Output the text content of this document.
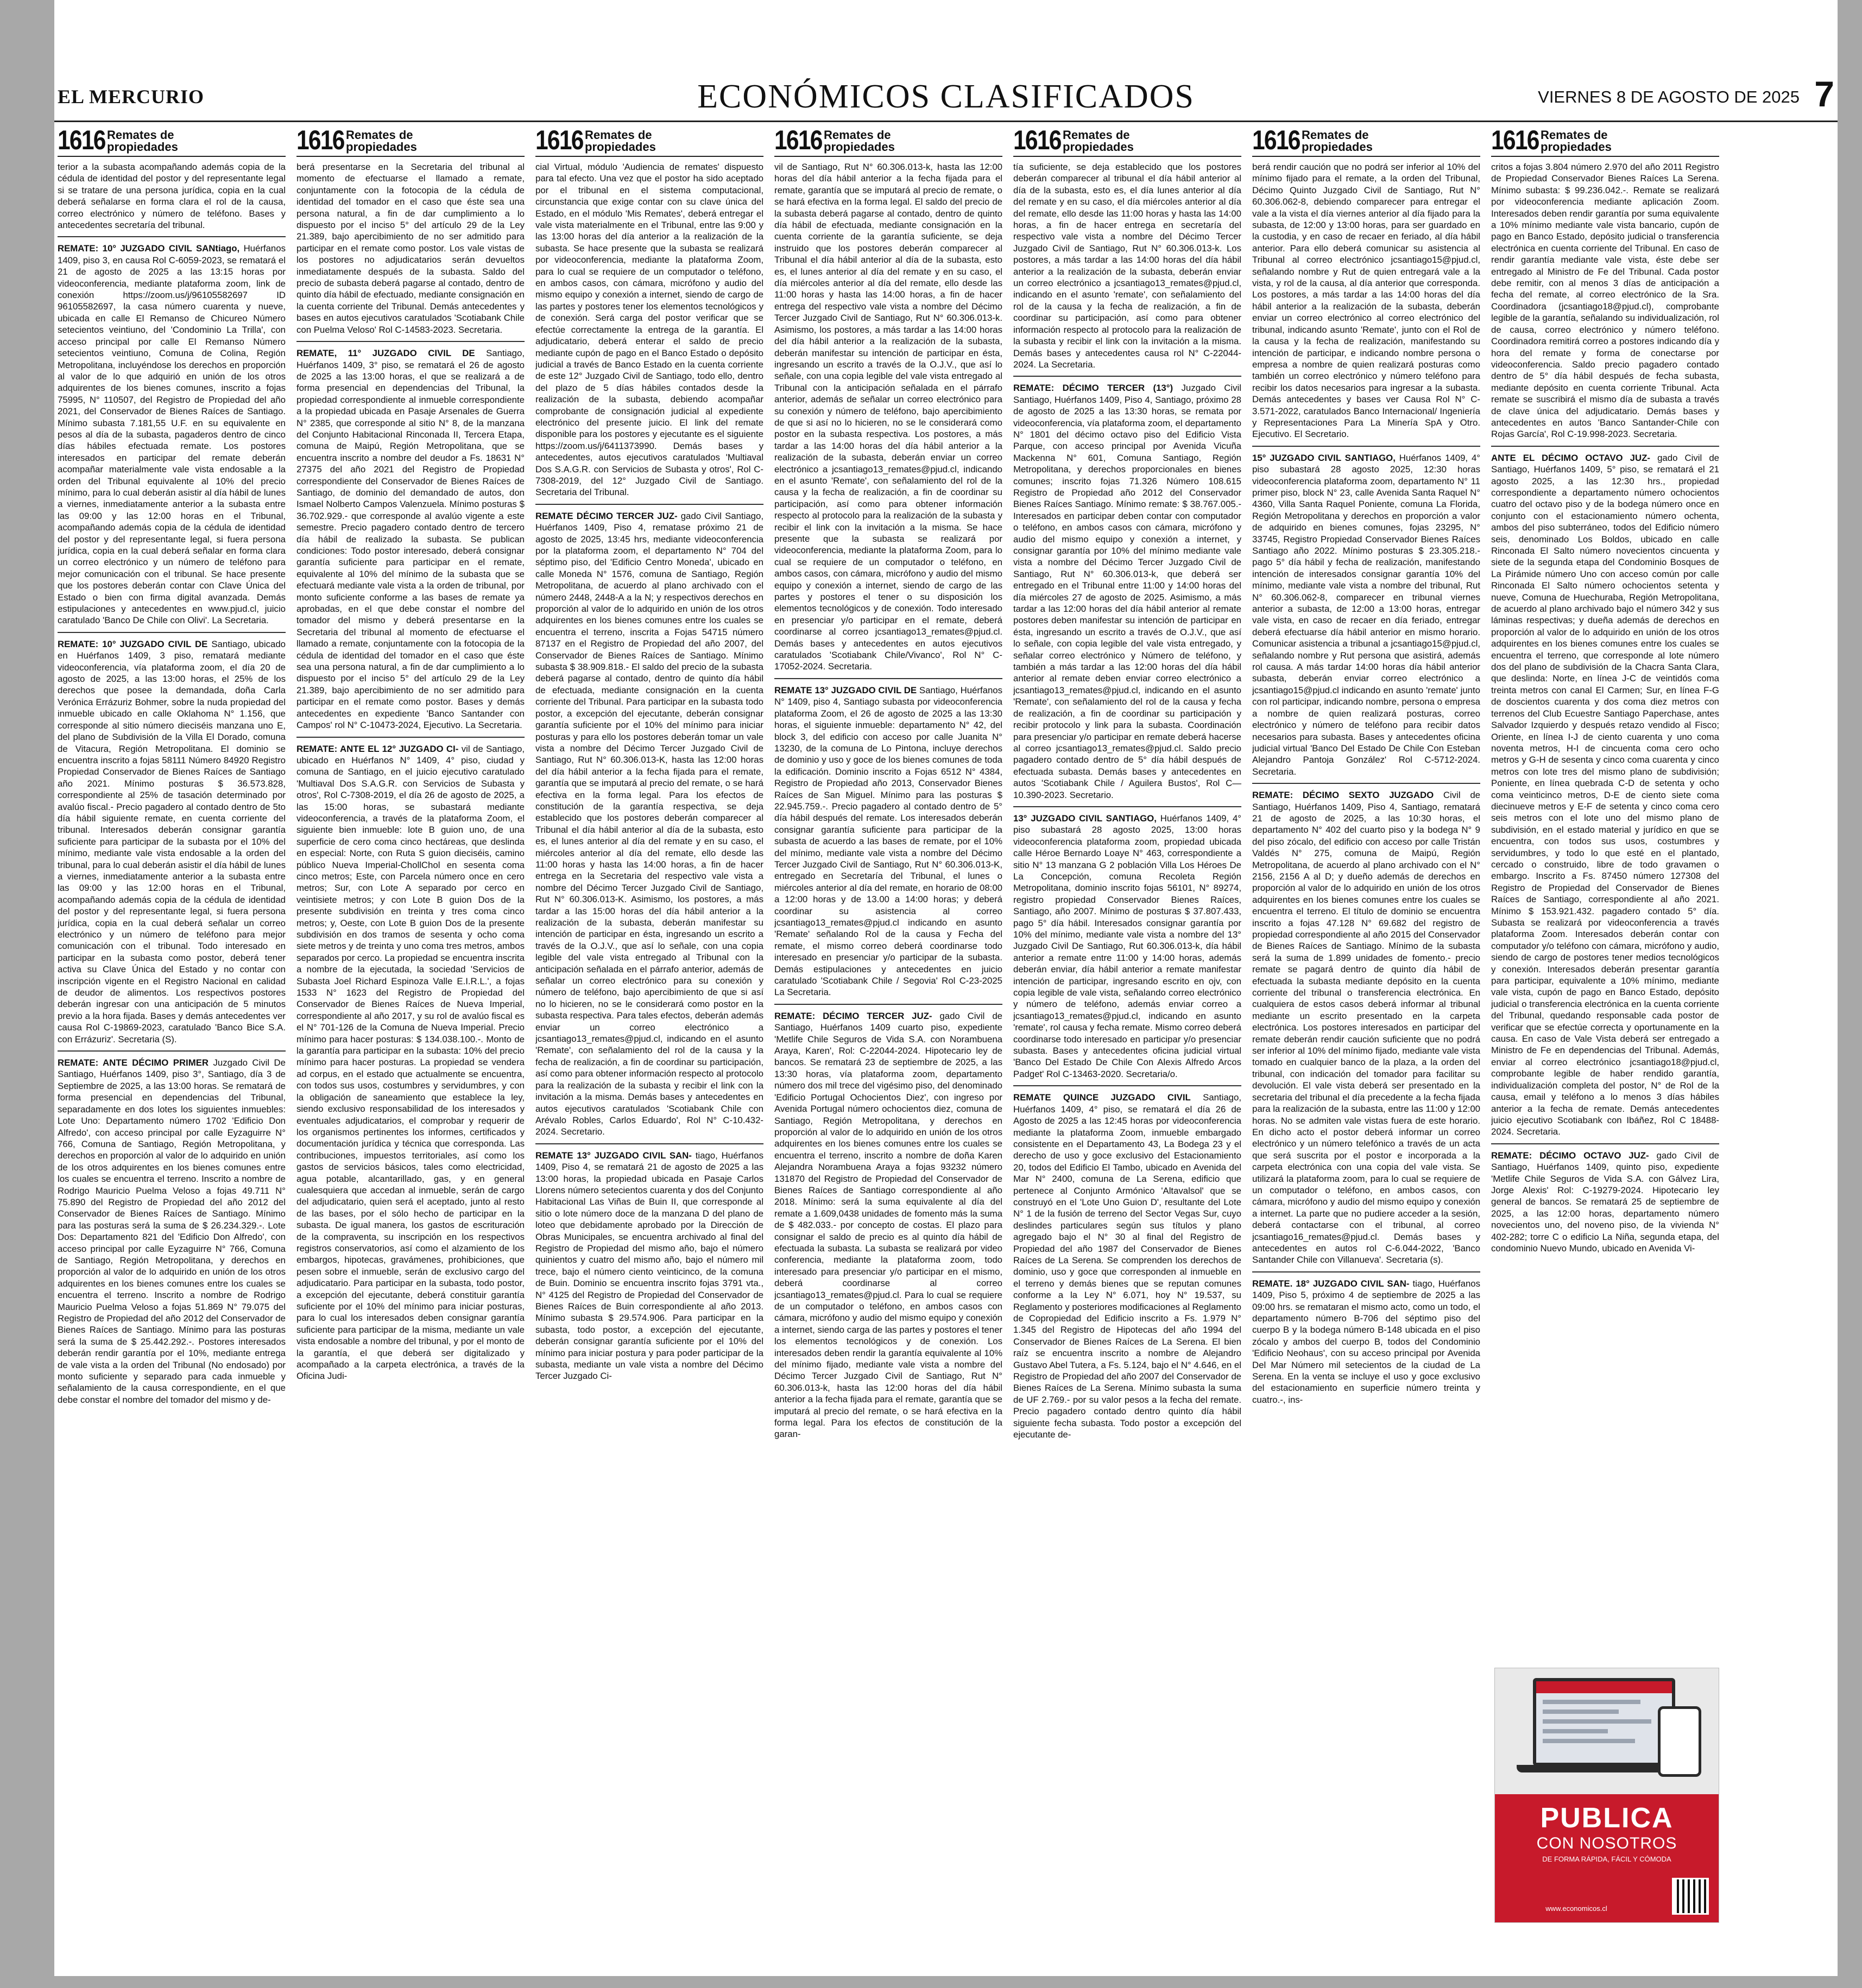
EL MERCURIO	ECONÓMICOS CLASIFICADOS	VIERNES 8 DE AGOSTO DE 2025 7
1616 Remates de
propiedades

terior a la subasta acompañando además copia de la cédula de identidad del postor y del representante legal si se tratare de una persona jurídica, copia en la cual deberá señalarse en forma clara el rol de la causa, correo electrónico y número de teléfono. Bases y antecedentes secretaría del tribunal.

REMATE: 10° JUZGADO CIVIL SANtiago, Huérfanos 1409, piso 3, en causa Rol C-6059-2023, se rematará el 21 de agosto de 2025 a las 13:15 horas por videoconferencia, mediante plataforma zoom, link de conexión https://zoom.us/j/96105582697 ID 96105582697, la casa número cuarenta y nueve, ubicada en calle El Remanso de Chicureo Número setecientos veintiuno, del 'Condominio La Trilla', con acceso principal por calle El Remanso Número setecientos veintiuno, Comuna de Colina, Región Metropolitana, incluyéndose los derechos en proporción al valor de lo que adquirió en unión de los otros adquirentes de los bienes comunes, inscrito a fojas 75995, N° 110507, del Registro de Propiedad del año 2021, del Conservador de Bienes Raíces de Santiago. Mínimo subasta 7.181,55 U.F. en su equivalente en pesos al día de la subasta, pagaderos dentro de cinco días hábiles efectuada remate. Los postores interesados en participar del remate deberán acompañar materialmente vale vista endosable a la orden del Tribunal equivalente al 10% del precio mínimo, para lo cual deberán asistir al día hábil de lunes a viernes, inmediatamente anterior a la subasta entre las 09:00 y las 12:00 horas en el Tribunal, acompañando además copia de la cédula de identidad del postor y del representante legal, si fuera persona jurídica, copia en la cual deberá señalar en forma clara un correo electrónico y un número de teléfono para mejor comunicación con el tribunal. Se hace presente que los postores deberán contar con Clave Única del Estado o bien con firma digital avanzada. Demás estipulaciones y antecedentes en www.pjud.cl, juicio caratulado 'Banco De Chile con Olivi'. La Secretaria.

REMATE: 10° JUZGADO CIVIL DE Santiago, ubicado en Huérfanos 1409, 3 piso, rematará mediante videoconferencia, vía plataforma zoom, el día 20 de agosto de 2025, a las 13:00 horas, el 25% de los derechos que posee la demandada, doña Carla Verónica Errázuriz Bohmer, sobre la nuda propiedad del inmueble ubicado en calle Oklahoma N° 1.156, que corresponde al sitio número dieciséis manzana uno E, del plano de Subdivisión de la Villa El Dorado, comuna de Vitacura, Región Metropolitana. El dominio se encuentra inscrito a fojas 58111 Número 84920 Registro Propiedad Conservador de Bienes Raíces de Santiago año 2021. Mínimo posturas $ 36.573.828, correspondiente al 25% de tasación determinado por avalúo fiscal.- Precio pagadero al contado dentro de 5to día hábil siguiente remate, en cuenta corriente del tribunal. Interesados deberán consignar garantía suficiente para participar de la subasta por el 10% del mínimo, mediante vale vista endosable a la orden del tribunal, para lo cual deberán asistir el día hábil de lunes a viernes, inmediatamente anterior a la subasta entre las 09:00 y las 12:00 horas en el Tribunal, acompañando además copia de la cédula de identidad del postor y del representante legal, si fuera persona jurídica, copia en la cual deberá señalar un correo electrónico y un número de teléfono para mejor comunicación con el tribunal. Todo interesado en participar en la subasta como postor, deberá tener activa su Clave Única del Estado y no contar con inscripción vigente en el Registro Nacional en calidad de deudor de alimentos. Los respectivos postores deberán ingresar con una anticipación de 5 minutos previo a la hora fijada. Bases y demás antecedentes ver causa Rol C-19869-2023, caratulado 'Banco Bice S.A. con Errázuriz'. Secretaria (S).

REMATE: ANTE DÉCIMO PRIMER Juzgado Civil De Santiago, Huérfanos 1409, piso 3°, Santiago, día 3 de Septiembre de 2025, a las 13:00 horas. Se rematará de forma presencial en dependencias del Tribunal, separadamente en dos lotes los siguientes inmuebles: Lote Uno: Departamento número 1702 'Edificio Don Alfredo', con acceso principal por calle Eyzaguirre N° 766, Comuna de Santiago, Región Metropolitana, y derechos en proporción al valor de lo adquirido en unión de los otros adquirentes en los bienes comunes entre los cuales se encuentra el terreno. Inscrito a nombre de Rodrigo Mauricio Puelma Veloso a fojas 49.711 N° 75.890 del Registro de Propiedad del año 2012 del Conservador de Bienes Raíces de Santiago. Mínimo para las posturas será la suma de $ 26.234.329.-. Lote Dos: Departamento 821 del 'Edificio Don Alfredo', con acceso principal por calle Eyzaguirre N° 766, Comuna de Santiago, Región Metropolitana, y derechos en proporción al valor de lo adquirido en unión de los otros adquirentes en los bienes comunes entre los cuales se encuentra el terreno. Inscrito a nombre de Rodrigo Mauricio Puelma Veloso a fojas 51.869 N° 79.075 del Registro de Propiedad del año 2012 del Conservador de Bienes Raíces de Santiago. Mínimo para las posturas será la suma de $ 25.442.292.-. Postores interesados deberán rendir garantía por el 10%, mediante entrega de vale vista a la orden del Tribunal (No endosado) por monto suficiente y separado para cada inmueble y señalamiento de la causa correspondiente, en el que debe constar el nombre del tomador del mismo y de-

1616 Remates de
propiedades

berá presentarse en la Secretaria del tribunal al momento de efectuarse el llamado a remate, conjuntamente con la fotocopia de la cédula de identidad del tomador en el caso que éste sea una persona natural, a fin de dar cumplimiento a lo dispuesto por el inciso 5° del artículo 29 de la Ley 21.389, bajo apercibimiento de no ser admitido para participar en el remate como postor. Los vale vistas de los postores no adjudicatarios serán devueltos inmediatamente después de la subasta. Saldo del precio de subasta deberá pagarse al contado, dentro de quinto día hábil de efectuado, mediante consignación en la cuenta corriente del Tribunal. Demás antecedentes y bases en autos ejecutivos caratulados 'Scotiabank Chile con Puelma Veloso' Rol C-14583-2023. Secretaria.

REMATE, 11° JUZGADO CIVIL DE Santiago, Huérfanos 1409, 3° piso, se rematará el 26 de agosto de 2025 a las 13:00 horas, el que se realizará a de forma presencial en dependencias del Tribunal, la propiedad correspondiente al inmueble correspondiente a la propiedad ubicada en Pasaje Arsenales de Guerra N° 2385, que corresponde al sitio N° 8, de la manzana del Conjunto Habitacional Rinconada II, Tercera Etapa, comuna de Maipú, Región Metropolitana, que se encuentra inscrito a nombre del deudor a Fs. 18631 N° 27375 del año 2021 del Registro de Propiedad correspondiente del Conservador de Bienes Raíces de Santiago, de dominio del demandado de autos, don Ismael Nolberto Campos Valenzuela. Mínimo posturas $ 36.702.929.- que corresponde al avalúo vigente a este semestre. Precio pagadero contado dentro de tercero día hábil de realizado la subasta. Se publican condiciones: Todo postor interesado, deberá consignar garantía suficiente para participar en el remate, equivalente al 10% del mínimo de la subasta que se efectuará mediante vale vista a la orden de tribunal, por monto suficiente conforme a las bases de remate ya aprobadas, en el que debe constar el nombre del tomador del mismo y deberá presentarse en la Secretaria del tribunal al momento de efectuarse el llamado a remate, conjuntamente con la fotocopia de la cédula de identidad del tomador en el caso que éste sea una persona natural, a fin de dar cumplimiento a lo dispuesto por el inciso 5° del artículo 29 de la Ley 21.389, bajo apercibimiento de no ser admitido para participar en el remate como postor. Bases y demás antecedentes en expediente 'Banco Santander con Campos' rol N° C-10473-2024, Ejecutivo. La Secretaria.

REMATE: ANTE EL 12° JUZGADO CI- vil de Santiago, ubicado en Huérfanos N° 1409, 4° piso, ciudad y comuna de Santiago, en el juicio ejecutivo caratulado 'Multiaval Dos S.A.G.R. con Servicios de Subasta y otros', Rol C-7308-2019, el día 26 de agosto de 2025, a las 15:00 horas, se subastará mediante videoconferencia, a través de la plataforma Zoom, el siguiente bien inmueble: lote B guion uno, de una superficie de cero coma cinco hectáreas, que deslinda en especial: Norte, con Ruta S guion dieciséis, camino público Nueva Imperial-ChollChol en sesenta coma cinco metros; Este, con Parcela número once en cero metros; Sur, con Lote A separado por cerco en veintisiete metros; y con Lote B guion Dos de la presente subdivisión en treinta y tres coma cinco metros; y, Oeste, con Lote B guion Dos de la presente subdivisión en dos tramos de sesenta y ocho coma siete metros y de treinta y uno coma tres metros, ambos separados por cerco. La propiedad se encuentra inscrita a nombre de la ejecutada, la sociedad 'Servicios de Subasta Joel Richard Espinoza Valle E.I.R.L.', a fojas 1533 N° 1623 del Registro de Propiedad del Conservador de Bienes Raíces de Nueva Imperial, correspondiente al año 2017, y su rol de avalúo fiscal es el N° 701-126 de la Comuna de Nueva Imperial. Precio mínimo para hacer posturas: $ 134.038.100.-. Monto de la garantía para participar en la subasta: 10% del precio mínimo para hacer posturas. La propiedad se vendera ad corpus, en el estado que actualmente se encuentra, con todos sus usos, costumbres y servidumbres, y con la obligación de saneamiento que establece la ley, siendo exclusivo responsabilidad de los interesados y eventuales adjudicatarios, el comprobar y requerir de los organismos pertinentes los informes, certificados y documentación jurídica y técnica que corresponda. Las contribuciones, impuestos territoriales, así como los gastos de servicios básicos, tales como electricidad, agua potable, alcantarillado, gas, y en general cualesquiera que accedan al inmueble, serán de cargo del adjudicatario, quien será el aceptado, junto al resto de las bases, por el sólo hecho de participar en la subasta. De igual manera, los gastos de escrituración de la compraventa, su inscripción en los respectivos registros conservatorios, así como el alzamiento de los embargos, hipotecas, gravámenes, prohibiciones, que pesen sobre el inmueble, serán de exclusivo cargo del adjudicatario. Para participar en la subasta, todo postor, a excepción del ejecutante, deberá constituir garantía suficiente por el 10% del mínimo para iniciar posturas, para lo cual los interesados deben consignar garantía suficiente para participar de la misma, mediante un vale vista endosable a nombre del tribunal, y por el monto de la garantía, el que deberá ser digitalizado y acompañado a la carpeta electrónica, a través de la Oficina Judi-

1616 Remates de
propiedades

cial Virtual, módulo 'Audiencia de remates' dispuesto para tal efecto. Una vez que el postor ha sido aceptado por el tribunal en el sistema computacional, circunstancia que exige contar con su clave única del Estado, en el módulo 'Mis Remates', deberá entregar el vale vista materialmente en el Tribunal, entre las 9:00 y las 13:00 horas del día anterior a la realización de la subasta. Se hace presente que la subasta se realizará por videoconferencia, mediante la plataforma Zoom, para lo cual se requiere de un computador o teléfono, en ambos casos, con cámara, micrófono y audio del mismo equipo y conexión a internet, siendo de cargo de las partes y postores tener los elementos tecnológicos y de conexión. Será carga del postor verificar que se efectúe correctamente la entrega de la garantía. El adjudicatario, deberá enterar el saldo de precio mediante cupón de pago en el Banco Estado o depósito judicial a través de Banco Estado en la cuenta corriente de este 12° Juzgado Civil de Santiago, todo ello, dentro del plazo de 5 días hábiles contados desde la realización de la subasta, debiendo acompañar comprobante de consignación judicial al expediente electrónico del presente juicio. El link del remate disponible para los postores y ejecutante es el siguiente https://zoom.us/j/6411373990. Demás bases y antecedentes, autos ejecutivos caratulados 'Multiaval Dos S.A.G.R. con Servicios de Subasta y otros', Rol C-7308-2019, del 12° Juzgado Civil de Santiago. Secretaria del Tribunal.

REMATE DÉCIMO TERCER JUZ- gado Civil Santiago, Huérfanos 1409, Piso 4, rematase próximo 21 de agosto de 2025, 13:45 hrs, mediante videoconferencia por la plataforma zoom, el departamento N° 704 del séptimo piso, del 'Edificio Centro Moneda', ubicado en calle Moneda N° 1576, comuna de Santiago, Región Metropolitana, de acuerdo al plano archivado con el número 2448, 2448-A a la N; y respectivos derechos en proporción al valor de lo adquirido en unión de los otros adquirentes en los bienes comunes entre los cuales se encuentra el terreno, inscrita a Fojas 54715 número 87137 en el Registro de Propiedad del año 2007, del Conservador de Bienes Raíces de Santiago. Mínimo subasta $ 38.909.818.- El saldo del precio de la subasta deberá pagarse al contado, dentro de quinto día hábil de efectuada, mediante consignación en la cuenta corriente del Tribunal. Para participar en la subasta todo postor, a excepción del ejecutante, deberán consignar garantía suficiente por el 10% del mínimo para iniciar posturas y para ello los postores deberán tomar un vale vista a nombre del Décimo Tercer Juzgado Civil de Santiago, Rut N° 60.306.013-K, hasta las 12:00 horas del día hábil anterior a la fecha fijada para el remate, garantía que se imputará al precio del remate, o se hará efectiva en la forma legal. Para los efectos de constitución de la garantía respectiva, se deja establecido que los postores deberán comparecer al Tribunal el día hábil anterior al día de la subasta, esto es, el lunes anterior al día del remate y en su caso, el miércoles anterior al día del remate, ello desde las 11:00 horas y hasta las 14:00 horas, a fin de hacer entrega en la Secretaria del respectivo vale vista a nombre del Décimo Tercer Juzgado Civil de Santiago, Rut N° 60.306.013-K. Asimismo, los postores, a más tardar a las 15:00 horas del día hábil anterior a la realización de la subasta, deberán manifestar su intención de participar en ésta, ingresando un escrito a través de la O.J.V., que así lo señale, con una copia legible del vale vista entregado al Tribunal con la anticipación señalada en el párrafo anterior, además de señalar un correo electrónico para su conexión y número de teléfono, bajo apercibimiento de que si así no lo hicieren, no se le considerará como postor en la subasta respectiva. Para tales efectos, deberán además enviar un correo electrónico a jcsantiago13_remates@pjud.cl, indicando en el asunto 'Remate', con señalamiento del rol de la causa y la fecha de realización, a fin de coordinar su participación, así como para obtener información respecto al protocolo para la realización de la subasta y recibir el link con la invitación a la misma. Demás bases y antecedentes en autos ejecutivos caratulados 'Scotiabank Chile con Arévalo Robles, Carlos Eduardo', Rol N° C-10.432-2024. Secretario.

REMATE 13° JUZGADO CIVIL SAN- tiago, Huérfanos 1409, Piso 4, se rematará 21 de agosto de 2025 a las 13:00 horas, la propiedad ubicada en Pasaje Carlos Llorens número setecientos cuarenta y dos del Conjunto Habitacional Las Viñas de Buin II, que corresponde al sitio o lote número doce de la manzana D del plano de loteo que debidamente aprobado por la Dirección de Obras Municipales, se encuentra archivado al final del Registro de Propiedad del mismo año, bajo el número quinientos y cuatro del mismo año, bajo el número mil trece, bajo el número ciento veinticinco, de la comuna de Buin. Dominio se encuentra inscrito fojas 3791 vta., N° 4125 del Registro de Propiedad del Conservador de Bienes Raíces de Buin correspondiente al año 2013. Mínimo subasta $ 29.574.906. Para participar en la subasta, todo postor, a excepción del ejecutante, deberán consignar garantía suficiente por el 10% del mínimo para iniciar postura y para poder participar de la subasta, mediante un vale vista a nombre del Décimo Tercer Juzgado Ci-

1616 Remates de
propiedades

vil de Santiago, Rut N° 60.306.013-k, hasta las 12:00 horas del día hábil anterior a la fecha fijada para el remate, garantía que se imputará al precio de remate, o se hará efectiva en la forma legal. El saldo del precio de la subasta deberá pagarse al contado, dentro de quinto día hábil de efectuada, mediante consignación en la cuenta corriente de la garantía suficiente, se deja instruido que los postores deberán comparecer al Tribunal el día hábil anterior al día de la subasta, esto es, el lunes anterior al día del remate y en su caso, el día miércoles anterior al día del remate, ello desde las 11:00 horas y hasta las 14:00 horas, a fin de hacer entrega del respectivo vale vista a nombre del Décimo Tercer Juzgado Civil de Santiago, Rut N° 60.306.013-k. Asimismo, los postores, a más tardar a las 14:00 horas del día hábil anterior a la realización de la subasta, deberán manifestar su intención de participar en ésta, ingresando un escrito a través de la O.J.V., que así lo señale, con una copia legible del vale vista entregado al Tribunal con la anticipación señalada en el párrafo anterior, además de señalar un correo electrónico para su conexión y número de teléfono, bajo apercibimiento de que si así no lo hicieren, no se le considerará como postor en la subasta respectiva. Los postores, a más tardar a las 14:00 horas del día hábil anterior a la realización de la subasta, deberán enviar un correo electrónico a jcsantiago13_remates@pjud.cl, indicando en el asunto 'Remate', con señalamiento del rol de la causa y la fecha de realización, a fin de coordinar su participación, así como para obtener información respecto al protocolo para la realización de la subasta y recibir el link con la invitación a la misma. Se hace presente que la subasta se realizará por videoconferencia, mediante la plataforma Zoom, para lo cual se requiere de un computador o teléfono, en ambos casos, con cámara, micrófono y audio del mismo equipo y conexión a internet, siendo de cargo de las partes y postores el tener o su disposición los elementos tecnológicos y de conexión. Todo interesado en presenciar y/o participar en el remate, deberá coordinarse al correo jcsantiago13_remates@pjud.cl. Demás bases y antecedentes en autos ejecutivos caratulados 'Scotiabank Chile/Vivanco', Rol N° C-17052-2024. Secretaria.

REMATE 13° JUZGADO CIVIL DE Santiago, Huérfanos N° 1409, piso 4, Santiago subasta por videoconferencia plataforma Zoom, el 26 de agosto de 2025 a las 13:30 horas, el siguiente inmueble: departamento N° 42, del block 3, del edificio con acceso por calle Juanita N° 13230, de la comuna de Lo Pintona, incluye derechos de dominio y uso y goce de los bienes comunes de toda la edificación. Dominio inscrito a Fojas 6512 N° 4384, Registro de Propiedad año 2013, Conservador Bienes Raíces de San Miguel. Mínimo para las posturas $ 22.945.759.-. Precio pagadero al contado dentro de 5° día hábil después del remate. Los interesados deberán consignar garantía suficiente para participar de la subasta de acuerdo a las bases de remate, por el 10% del mínimo, mediante vale vista a nombre del Décimo Tercer Juzgado Civil de Santiago, Rut N° 60.306.013-K, entregado en Secretaría del Tribunal, el lunes o miércoles anterior al día del remate, en horario de 08:00 a 12:00 horas y de 13.00 a 14:00 horas; y deberá coordinar su asistencia al correo jcsantiago13_remates@pjud.cl indicando en asunto 'Remate' señalando Rol de la causa y Fecha del remate, el mismo correo deberá coordinarse todo interesado en presenciar y/o participar de la subasta. Demás estipulaciones y antecedentes en juicio caratulado 'Scotiabank Chile / Segovia' Rol C-23-2025 La Secretaria.

REMATE: DÉCIMO TERCER JUZ- gado Civil de Santiago, Huérfanos 1409 cuarto piso, expediente 'Metlife Chile Seguros de Vida S.A. con Norambuena Araya, Karen', Rol: C-22044-2024. Hipotecario ley de bancos. Se rematará 23 de septiembre de 2025, a las 13:30 horas, vía plataforma zoom, departamento número dos mil trece del vigésimo piso, del denominado 'Edificio Portugal Ochocientos Diez', con ingreso por Avenida Portugal número ochocientos diez, comuna de Santiago, Región Metropolitana, y derechos en proporción al valor de lo adquirido en unión de los otros adquirentes en los bienes comunes entre los cuales se encuentra el terreno, inscrito a nombre de doña Karen Alejandra Norambuena Araya a fojas 93232 número 131870 del Registro de Propiedad del Conservador de Bienes Raíces de Santiago correspondiente al año 2018. Mínimo: será la suma equivalente al día del remate a 1.609,0438 unidades de fomento más la suma de $ 482.033.- por concepto de costas. El plazo para consignar el saldo de precio es al quinto día hábil de efectuada la subasta. La subasta se realizará por video conferencia, mediante la plataforma zoom, todo interesado para presenciar y/o participar en el mismo, deberá coordinarse al correo jcsantiago13_remates@pjud.cl. Para lo cual se requiere de un computador o teléfono, en ambos casos con cámara, micrófono y audio del mismo equipo y conexión a internet, siendo carga de las partes y postores el tener los elementos tecnológicos y de conexión. Los interesados deben rendir la garantía equivalente al 10% del mínimo fijado, mediante vale vista a nombre del Décimo Tercer Juzgado Civil de Santiago, Rut N° 60.306.013-k, hasta las 12:00 horas del día hábil anterior a la fecha fijada para el remate, garantía que se imputará al precio del remate, o se hará efectiva en la forma legal. Para los efectos de constitución de la garan-

1616 Remates de
propiedades

tía suficiente, se deja establecido que los postores deberán comparecer al tribunal el día hábil anterior al día de la subasta, esto es, el día lunes anterior al día del remate y en su caso, el día miércoles anterior al día del remate, ello desde las 11:00 horas y hasta las 14:00 horas, a fin de hacer entrega en secretaría del respectivo vale vista a nombre del Décimo Tercer Juzgado Civil de Santiago, Rut N° 60.306.013-k. Los postores, a más tardar a las 14:00 horas del día hábil anterior a la realización de la subasta, deberán enviar un correo electrónico a jcsantiago13_remates@pjud.cl, indicando en el asunto 'remate', con señalamiento del rol de la causa y la fecha de realización, a fin de coordinar su participación, así como para obtener información respecto al protocolo para la realización de la subasta y recibir el link con la invitación a la misma. Demás bases y antecedentes causa rol N° C-22044-2024. La Secretaria.

REMATE: DÉCIMO TERCER (13°) Juzgado Civil Santiago, Huérfanos 1409, Piso 4, Santiago, próximo 28 de agosto de 2025 a las 13:30 horas, se remata por videoconferencia, vía plataforma zoom, el departamento N° 1801 del décimo octavo piso del Edificio Vista Parque, con acceso principal por Avenida Vicuña Mackenna N° 601, Comuna Santiago, Región Metropolitana, y derechos proporcionales en bienes comunes; inscrito fojas 71.326 Número 108.615 Registro de Propiedad año 2012 del Conservador Bienes Raíces Santiago. Mínimo remate: $ 38.767.005.- Interesados en participar deben contar con computador o teléfono, en ambos casos con cámara, micrófono y audio del mismo equipo y conexión a internet, y consignar garantía por 10% del mínimo mediante vale vista a nombre del Décimo Tercer Juzgado Civil de Santiago, Rut N° 60.306.013-k, que deberá ser entregado en el Tribunal entre 11:00 y 14:00 horas del día miércoles 27 de agosto de 2025. Asimismo, a más tardar a las 12:00 horas del día hábil anterior al remate postores deben manifestar su intención de participar en ésta, ingresando un escrito a través de O.J.V., que así lo señale, con copia legible del vale vista entregado, y señalar correo electrónico y Número de teléfono, y también a más tardar a las 12:00 horas del día hábil anterior al remate deben enviar correo electrónico a jcsantiago13_remates@pjud.cl, indicando en el asunto 'Remate', con señalamiento del rol de la causa y fecha de realización, a fin de coordinar su participación y recibir protocolo y link para la subasta. Coordinación para presenciar y/o participar en remate deberá hacerse al correo jcsantiago13_remates@pjud.cl. Saldo precio pagadero contado dentro de 5° día hábil después de efectuada subasta. Demás bases y antecedentes en autos 'Scotiabank Chile / Aguilera Bustos', Rol C—10.390-2023. Secretario.

13° JUZGADO CIVIL SANTIAGO, Huérfanos 1409, 4° piso subastará 28 agosto 2025, 13:00 horas videoconferencia plataforma zoom, propiedad ubicada calle Héroe Bernardo Loaye N° 463, correspondiente a sitio N° 13 manzana G 2 población Villa Los Héroes De La Concepción, comuna Recoleta Región Metropolitana, dominio inscrito fojas 56101, N° 89274, registro propiedad Conservador Bienes Raíces, Santiago, año 2007. Mínimo de posturas $ 37.807.433, pago 5° día hábil. Interesados consignar garantía por 10% del mínimo, mediante vale vista a nombre del 13° Juzgado Civil De Santiago, Rut 60.306.013-k, día hábil anterior a remate entre 11:00 y 14:00 horas, además deberán enviar, día hábil anterior a remate manifestar intención de participar, ingresando escrito en ojv, con copia legible de vale vista, señalando correo electrónico y número de teléfono, además enviar correo a jcsantiago13_remates@pjud.cl, indicando en asunto 'remate', rol causa y fecha remate. Mismo correo deberá coordinarse todo interesado en participar y/o presenciar subasta. Bases y antecedentes oficina judicial virtual 'Banco Del Estado De Chile Con Alexis Alfredo Arcos Padget' Rol C-13463-2020. Secretaria/o.

REMATE QUINCE JUZGADO CIVIL Santiago, Huérfanos 1409, 4° piso, se rematará el día 26 de Agosto de 2025 a las 12:45 horas por videoconferencia mediante la plataforma Zoom, inmueble embargado consistente en el Departamento 43, La Bodega 23 y el derecho de uso y goce exclusivo del Estacionamiento 20, todos del Edificio El Tambo, ubicado en Avenida del Mar N° 2400, comuna de La Serena, edificio que pertenece al Conjunto Armónico 'Altavalsol' que se construyó en el 'Lote Uno Guion D', resultante del Lote N° 1 de la fusión de terreno del Sector Vegas Sur, cuyo deslindes particulares según sus títulos y plano agregado bajo el N° 30 al final del Registro de Propiedad del año 1987 del Conservador de Bienes Raíces de La Serena. Se comprenden los derechos de dominio, uso y goce que corresponden al inmueble en el terreno y demás bienes que se reputan comunes conforme a la Ley N° 6.071, hoy N° 19.537, su Reglamento y posteriores modificaciones al Reglamento de Copropiedad del Edificio inscrito a Fs. 1.979 N° 1.345 del Registro de Hipotecas del año 1994 del Conservador de Bienes Raíces de La Serena. El bien raíz se encuentra inscrito a nombre de Alejandro Gustavo Abel Tutera, a Fs. 5.124, bajo el N° 4.646, en el Registro de Propiedad del año 2007 del Conservador de Bienes Raíces de La Serena. Mínimo subasta la suma de UF 2.769.- por su valor pesos a la fecha del remate. Precio pagadero contado dentro quinto día hábil siguiente fecha subasta. Todo postor a excepción del ejecutante de-

1616 Remates de
propiedades

berá rendir caución que no podrá ser inferior al 10% del mínimo fijado para el remate, a la orden del Tribunal, Décimo Quinto Juzgado Civil de Santiago, Rut N° 60.306.062-8, debiendo comparecer para entregar el vale a la vista el día viernes anterior al día fijado para la subasta, de 12:00 y 13:00 horas, para ser guardado en la custodia, y en caso de recaer en feriado, al día hábil anterior. Para ello deberá comunicar su asistencia al Tribunal al correo electrónico jcsantiago15@pjud.cl, señalando nombre y Rut de quien entregará vale a la vista, y rol de la causa, al día anterior que corresponda. Los postores, a más tardar a las 14:00 horas del día hábil anterior a la realización de la subasta, deberán enviar un correo electrónico al correo electrónico del tribunal, indicando asunto 'Remate', junto con el Rol de la causa y la fecha de realización, manifestando su intención de participar, e indicando nombre persona o empresa a nombre de quien realizará posturas como también un correo electrónico y número teléfono para recibir los datos necesarios para ingresar a la subasta. Demás antecedentes y bases ver Causa Rol N° C-3.571-2022, caratulados Banco Internacional/ Ingeniería y Representaciones Para La Minería SpA y Otro. Ejecutivo. El Secretario.

15° JUZGADO CIVIL SANTIAGO, Huérfanos 1409, 4° piso subastará 28 agosto 2025, 12:30 horas videoconferencia plataforma zoom, departamento N° 11 primer piso, block N° 23, calle Avenida Santa Raquel N° 4360, Villa Santa Raquel Poniente, comuna La Florida, Región Metropolitana y derechos en proporción a valor de adquirido en bienes comunes, fojas 23295, N° 33745, Registro Propiedad Conservador Bienes Raíces Santiago año 2022. Mínimo posturas $ 23.305.218.- pago 5° día hábil y fecha de realización, manifestando intención de interesados consignar garantía 10% del mínimo, mediante vale vista a nombre del tribunal, Rut N° 60.306.062-8, comparecer en tribunal viernes anterior a subasta, de 12:00 a 13:00 horas, entregar vale vista, en caso de recaer en día feriado, entregar deberá efectuarse día hábil anterior en mismo horario. Comunicar asistencia a tribunal a jcsantiago15@pjud.cl, señalando nombre y Rut persona que asistirá, además rol causa. A más tardar 14:00 horas día hábil anterior subasta, deberán enviar correo electrónico a jcsantiago15@pjud.cl indicando en asunto 'remate' junto con rol participar, indicando nombre, persona o empresa a nombre de quien realizará posturas, correo electrónico y número de teléfono para recibir datos necesarios para subasta. Bases y antecedentes oficina judicial virtual 'Banco Del Estado De Chile Con Esteban Alejandro Pantoja González' Rol C-5712-2024. Secretaria.

REMATE: DÉCIMO SEXTO JUZGADO Civil de Santiago, Huérfanos 1409, Piso 4, Santiago, rematará 21 de agosto de 2025, a las 10:30 horas, el departamento N° 402 del cuarto piso y la bodega N° 9 del piso zócalo, del edificio con acceso por calle Tristán Valdés N° 275, comuna de Maipú, Región Metropolitana, de acuerdo al plano archivado con el N° 2156, 2156 A al D; y dueño además de derechos en proporción al valor de lo adquirido en unión de los otros adquirentes en los bienes comunes entre los cuales se encuentra el terreno. El título de dominio se encuentra inscrito a fojas 47.128 N° 69.682 del registro de propiedad correspondiente al año 2015 del Conservador de Bienes Raíces de Santiago. Mínimo de la subasta será la suma de 1.899 unidades de fomento.- precio remate se pagará dentro de quinto día hábil de efectuada la subasta mediante depósito en la cuenta corriente del tribunal o transferencia electrónica. En cualquiera de estos casos deberá informar al tribunal mediante un escrito presentado en la carpeta electrónica. Los postores interesados en participar del remate deberán rendir caución suficiente que no podrá ser inferior al 10% del mínimo fijado, mediante vale vista tomado en cualquier banco de la plaza, a la orden del tribunal, con indicación del tomador para facilitar su devolución. El vale vista deberá ser presentado en la secretaria del tribunal el día precedente a la fecha fijada para la realización de la subasta, entre las 11:00 y 12:00 horas. No se admiten vale vistas fuera de este horario. En dicho acto el postor deberá informar un correo electrónico y un número telefónico a través de un acta que será suscrita por el postor e incorporada a la carpeta electrónica con una copia del vale vista. Se utilizará la plataforma zoom, para lo cual se requiere de un computador o teléfono, en ambos casos, con cámara, micrófono y audio del mismo equipo y conexión a internet. La parte que no pudiere acceder a la sesión, deberá contactarse con el tribunal, al correo jcsantiago16_remates@pjud.cl. Demás bases y antecedentes en autos rol C-6.044-2022, 'Banco Santander Chile con Villanueva'. Secretaria (s).

REMATE. 18° JUZGADO CIVIL SAN- tiago, Huérfanos 1409, Piso 5, próximo 4 de septiembre de 2025 a las 09:00 hrs. se remataran el mismo acto, como un todo, el departamento número B-706 del séptimo piso del cuerpo B y la bodega número B-148 ubicada en el piso zócalo y ambos del cuerpo B, todos del Condominio 'Edificio Neohaus', con su acceso principal por Avenida Del Mar Número mil setecientos de la ciudad de La Serena. En la venta se incluye el uso y goce exclusivo del estacionamiento en superficie número treinta y cuatro.-, ins-

1616 Remates de
propiedades

critos a fojas 3.804 número 2.970 del año 2011 Registro de Propiedad Conservador Bienes Raíces La Serena. Mínimo subasta: $ 99.236.042.-. Remate se realizará por videoconferencia mediante aplicación Zoom. Interesados deben rendir garantía por suma equivalente a 10% mínimo mediante vale vista bancario, cupón de pago en Banco Estado, depósito judicial o transferencia electrónica en cuenta corriente del Tribunal. En caso de rendir garantía mediante vale vista, éste debe ser entregado al Ministro de Fe del Tribunal. Cada postor debe remitir, con al menos 3 días de anticipación a fecha del remate, al correo electrónico de la Sra. Coordinadora (jcsantiago18@pjud.cl), comprobante legible de la garantía, señalando su individualización, rol de causa, correo electrónico y número teléfono. Coordinadora remitirá correo a postores indicando día y hora del remate y forma de conectarse por videoconferencia. Saldo precio pagadero contado dentro de 5° día hábil después de fecha subasta, mediante depósito en cuenta corriente Tribunal. Acta remate se suscribirá el mismo día de subasta a través de clave única del adjudicatario. Demás bases y antecedentes en autos 'Banco Santander-Chile con Rojas García', Rol C-19.998-2023. Secretaria.

ANTE EL DÉCIMO OCTAVO JUZ- gado Civil de Santiago, Huérfanos 1409, 5° piso, se rematará el 21 agosto 2025, a las 12:30 hrs., propiedad correspondiente a departamento número ochocientos cuatro del octavo piso y de la bodega número once en conjunto con el estacionamiento número ochenta, ambos del piso subterráneo, todos del Edificio número seis, denominado Los Boldos, ubicado en calle Rinconada El Salto número novecientos cincuenta y siete de la segunda etapa del Condominio Bosques de La Pirámide número Uno con acceso común por calle Rinconada El Salto número ochocientos setenta y nueve, Comuna de Huechuraba, Región Metropolitana, de acuerdo al plano archivado bajo el número 342 y sus láminas respectivas; y dueña además de derechos en proporción al valor de lo adquirido en unión de los otros adquirentes en los bienes comunes entre los cuales se encuentra el terreno, que corresponde al lote número dos del plano de subdivisión de la Chacra Santa Clara, que deslinda: Norte, en línea J-C de veintidós coma treinta metros con canal El Carmen; Sur, en línea F-G de doscientos cuarenta y dos coma diez metros con terrenos del Club Ecuestre Santiago Paperchase, antes Salvador Izquierdo y después retazo vendido al Fisco; Oriente, en línea I-J de ciento cuarenta y uno coma noventa metros, H-I de cincuenta coma cero ocho metros y G-H de sesenta y cinco coma cuarenta y cinco metros con lote tres del mismo plano de subdivisión; Poniente, en línea quebrada C-D de setenta y ocho coma veinticinco metros, D-E de ciento siete coma diecinueve metros y E-F de setenta y cinco coma cero seis metros con el lote uno del mismo plano de subdivisión, en el estado material y jurídico en que se encuentra, con todos sus usos, costumbres y servidumbres, y todo lo que esté en el plantado, cercado o construido, libre de todo gravamen o embargo. Inscrito a Fs. 87450 número 127308 del Registro de Propiedad del Conservador de Bienes Raíces de Santiago, correspondiente al año 2021. Mínimo $ 153.921.432. pagadero contado 5° día. Subasta se realizará por videoconferencia a través plataforma Zoom. Interesados deberán contar con computador y/o teléfono con cámara, micrófono y audio, siendo de cargo de postores tener medios tecnológicos y conexión. Interesados deberán presentar garantía para participar, equivalente a 10% mínimo, mediante vale vista, cupón de pago en Banco Estado, depósito judicial o transferencia electrónica en la cuenta corriente del Tribunal, quedando responsable cada postor de verificar que se efectúe correcta y oportunamente en la causa. En caso de Vale Vista deberá ser entregado a Ministro de Fe en dependencias del Tribunal. Además, enviar al correo electrónico jcsantiago18@pjud.cl, comprobante legible de haber rendido garantía, individualización completa del postor, N° de Rol de la causa, email y teléfono a lo menos 3 días hábiles anterior a la fecha de remate. Demás antecedentes juicio ejecutivo Scotiabank con Ibáñez, Rol C 18488-2024. Secretaria.

REMATE: DÉCIMO OCTAVO JUZ- gado Civil de Santiago, Huérfanos 1409, quinto piso, expediente 'Metlife Chile Seguros de Vida S.A. con Gálvez Lira, Jorge Alexis' Rol: C-19279-2024. Hipotecario ley general de bancos. Se rematará 25 de septiembre de 2025, a las 12:00 horas, departamento número novecientos uno, del noveno piso, de la vivienda N° 402-282; torre C o edificio La Niña, segunda etapa, del condominio Nuevo Mundo, ubicado en Avenida Vi-

PUBLICA
CON NOSOTROS
DE FORMA RÁPIDA, FÁCIL Y CÓMODA
www.economicos.cl
